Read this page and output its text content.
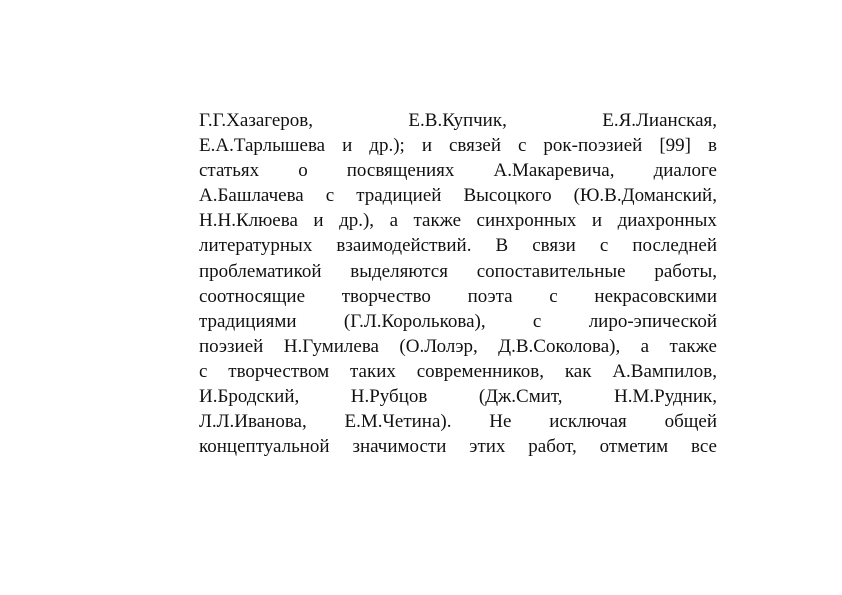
Г.Г.Хазагеров,	Е.В.Купчик,	Е.Я.Лианская,
Е.А.Тарлышева и др.); и связей с рок-поэзией [99] в
статьях о посвящениях А.Макаревича, диалоге
А.Башлачева с традицией Высоцкого (Ю.В.Доманский,
Н.Н.Клюева и др.), а также синхронных и диахронных
литературных взаимодействий. В связи с последней
проблематикой выделяются сопоставительные работы,
соотносящие творчество поэта с некрасовскими
традициями (Г.Л.Королькова), с лиро-эпической
поэзией Н.Гумилева (О.Лолэр, Д.В.Соколова), а также
с творчеством таких современников, как А.Вампилов,
И.Бродский,	Н.Рубцов	(Дж.Смит,	Н.М.Рудник,
Л.Л.Иванова, Е.М.Четина). Не исключая общей
концептуальной значимости этих работ, отметим все
